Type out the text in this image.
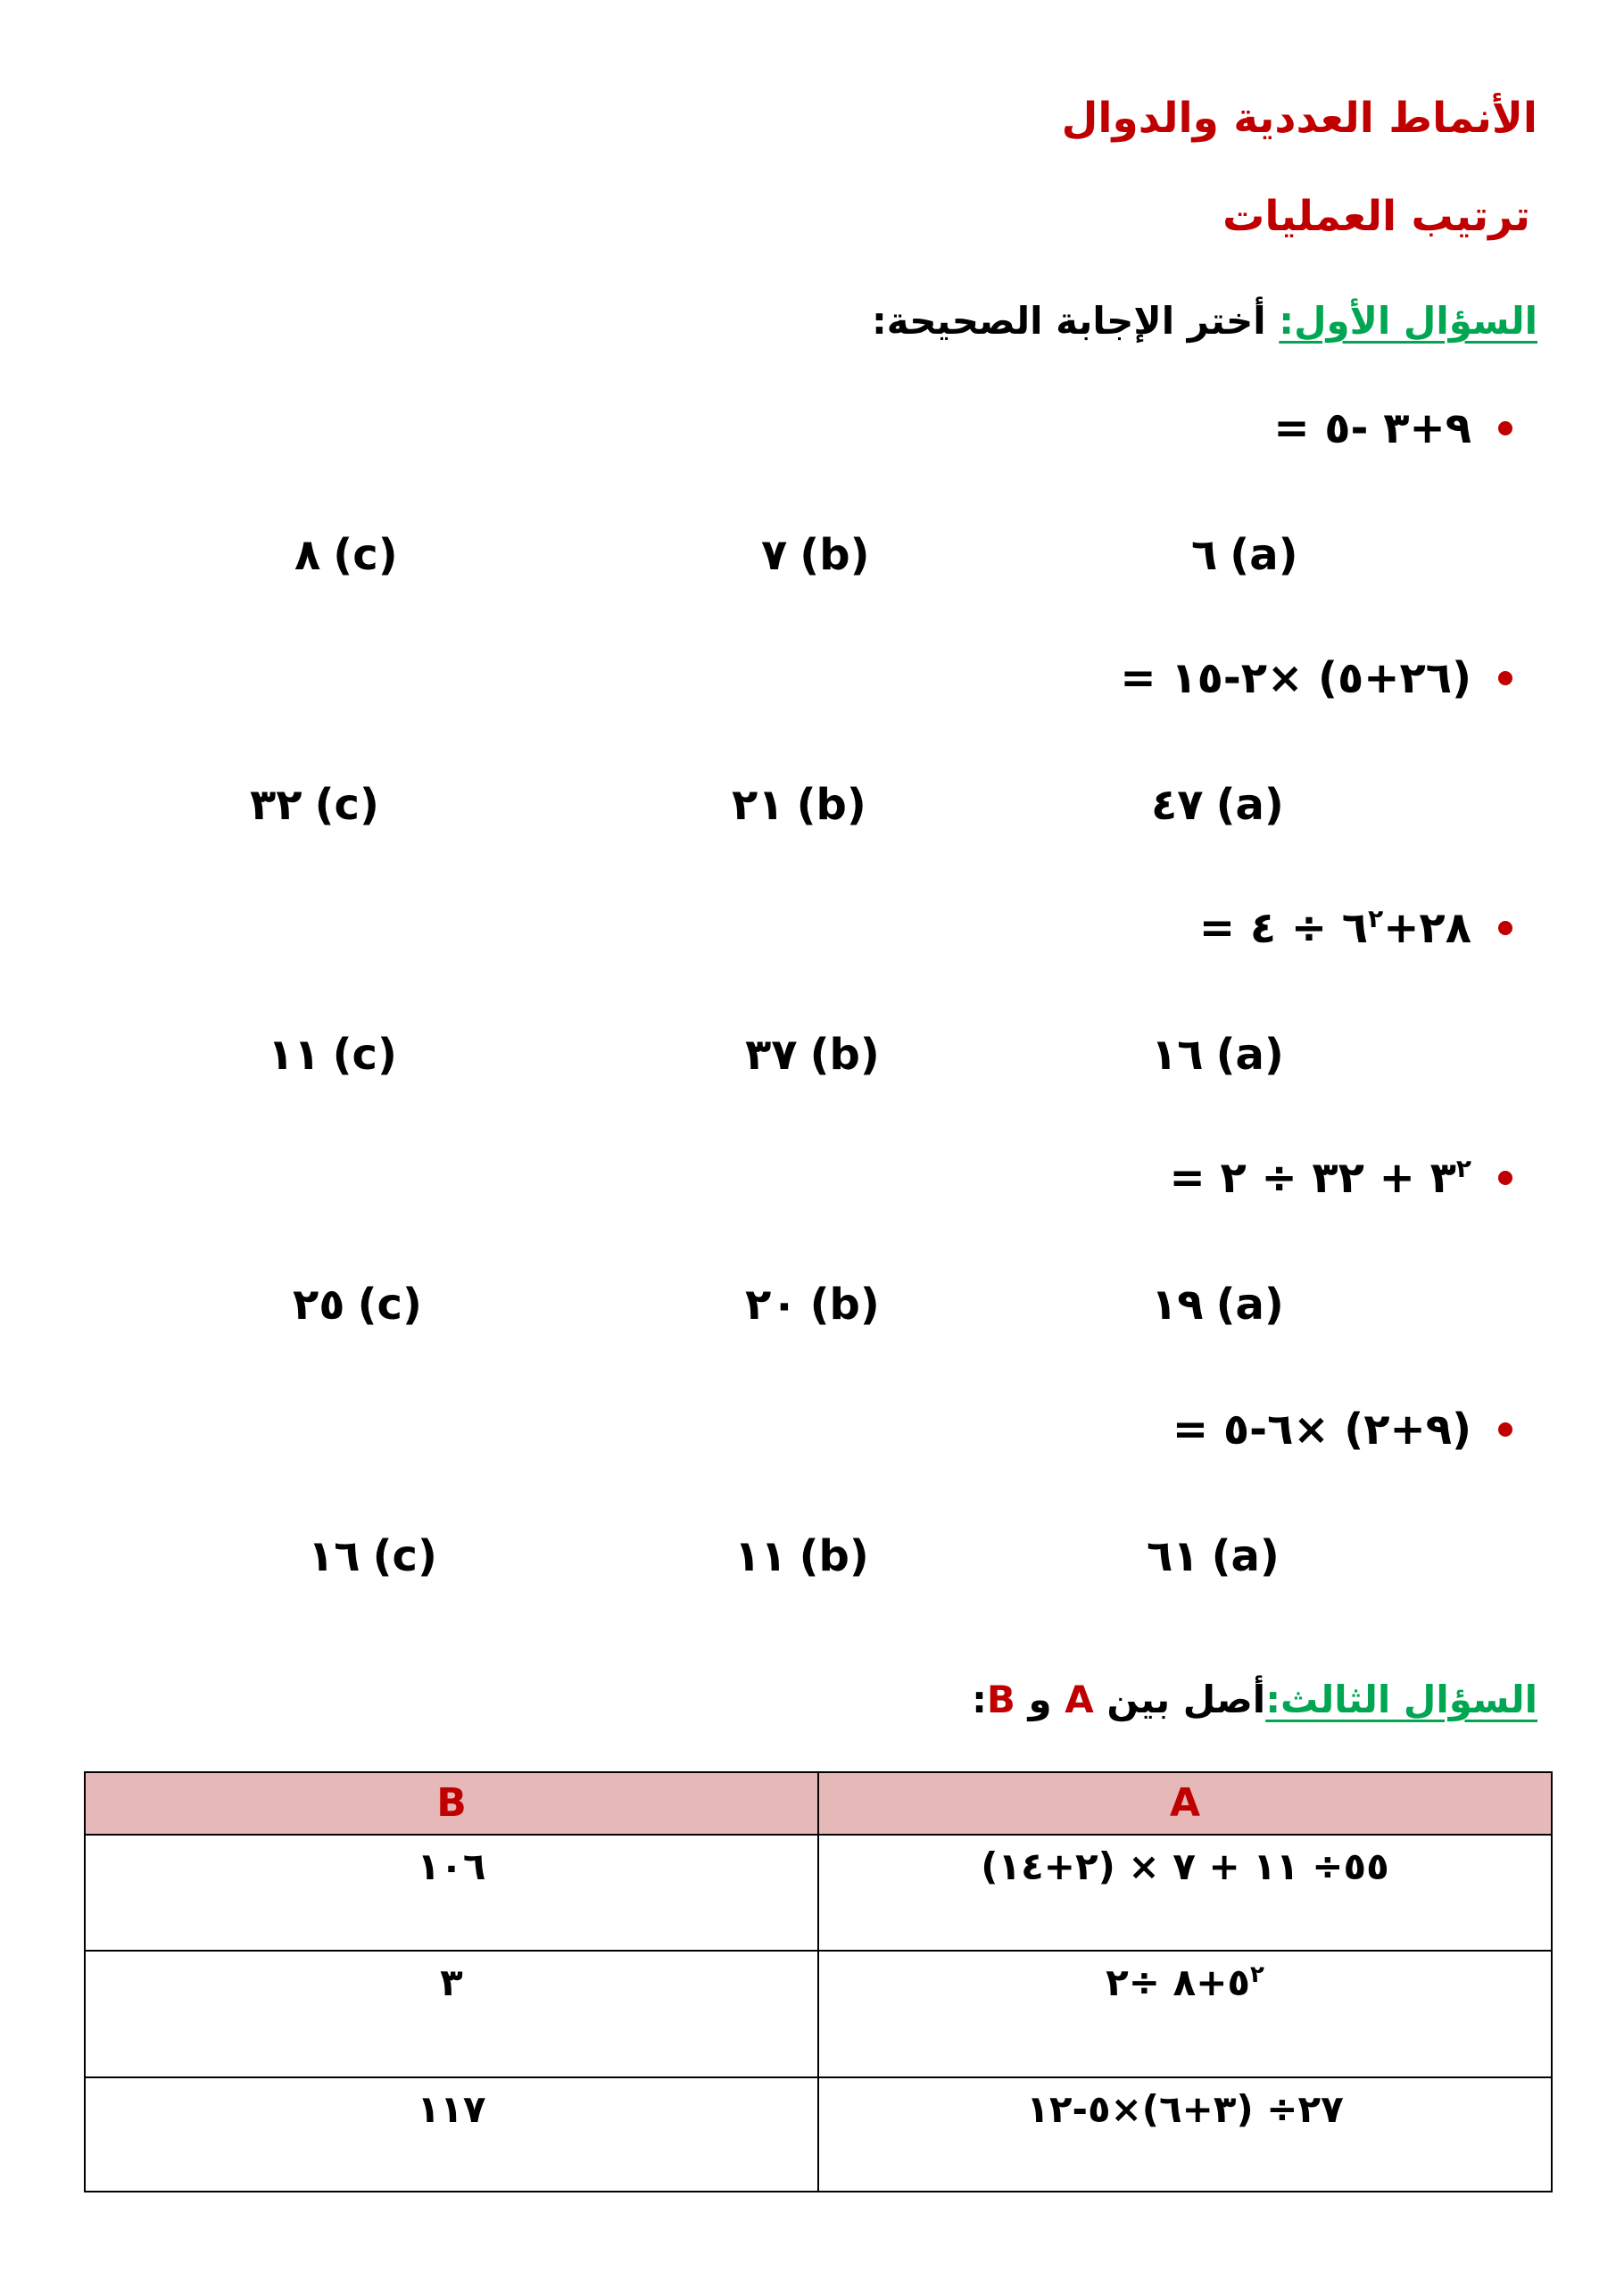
الأنماط العددية والدوال
ترتيب العمليات
السؤال الأول: أختر الإجابة الصحيحة:
٩+٣ -٥ =
٦ (a)
٧ (b)
٨ (c)
(٢٦+٥) ×٢-١٥ =
٤٧ (a)
٢١ (b)
٣٢ (c)
$٢٨+٦^٢$ ÷ ٤ =
١٦ (a)
٣٧ (b)
١١ (c)
$٣^٢$ + ٣٢ ÷ ٢ =
١٩ (a)
٢٠ (b)
٢٥ (c)
(٩+٢) ×٦-٥ =
٦١ (a)
١١ (b)
١٦ (c)
السؤال الثالث:أصل بين A و B:
B	A
١٠٦	٥٥÷ ١١ + ٧ × (٢+١٤)
٣	$٥^٢+٨$ ÷٢
١١٧	٢٧÷ (٣+٦)×٥-١٢
